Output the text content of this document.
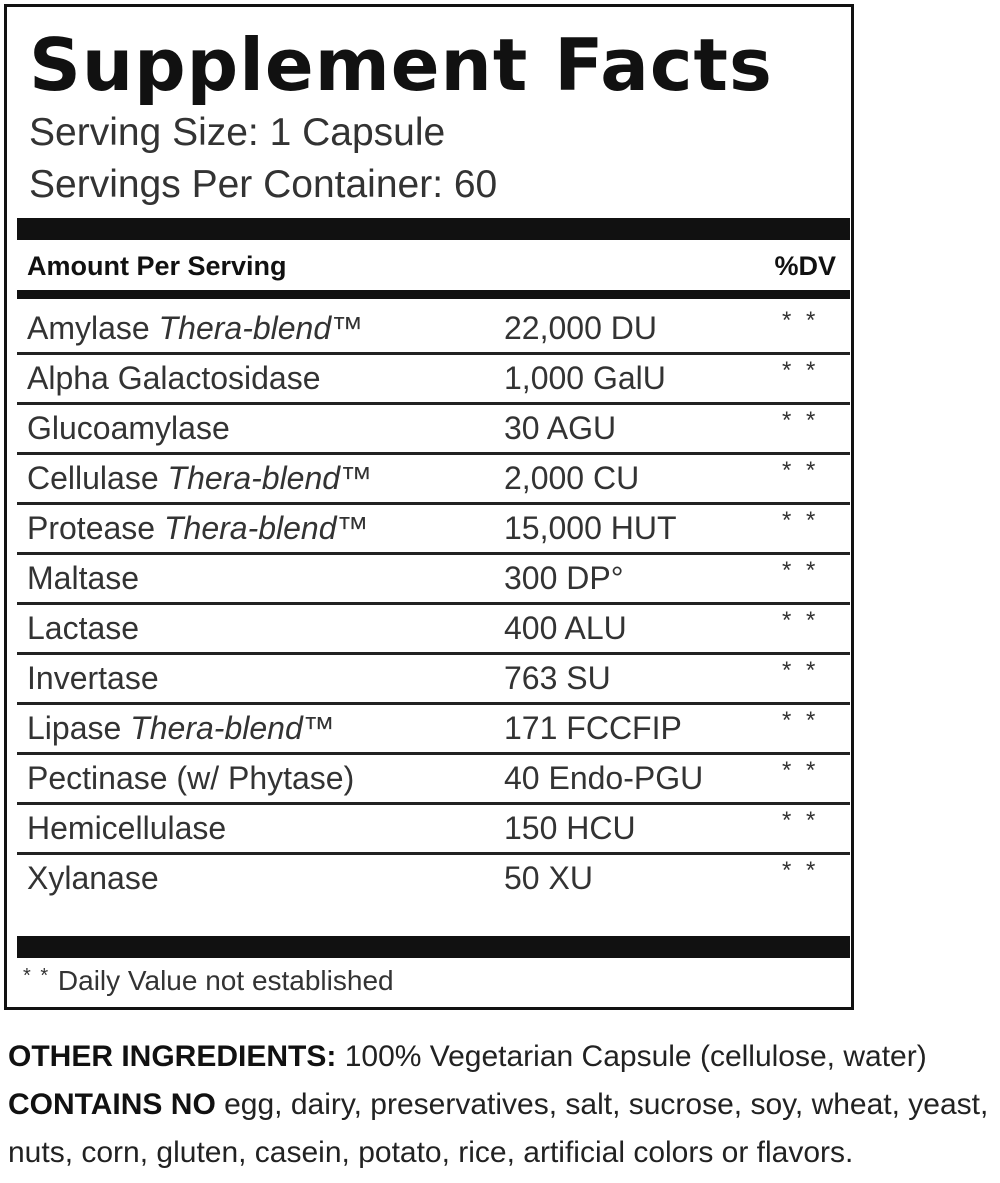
Supplement Facts
Serving Size: 1 Capsule
Servings Per Container: 60
Amount Per Serving	%DV
Amylase Thera-blend™	22,000 DU	* *
Alpha Galactosidase	1,000 GalU	* *
Glucoamylase	30 AGU	* *
Cellulase Thera-blend™	2,000 CU	* *
Protease Thera-blend™	15,000 HUT	* *
Maltase	300 DP°	* *
Lactase	400 ALU	* *
Invertase	763 SU	* *
Lipase Thera-blend™	171 FCCFIP	* *
Pectinase (w/ Phytase)	40 Endo-PGU	* *
Hemicellulase	150 HCU	* *
Xylanase	50 XU	* *
* * Daily Value not established
OTHER INGREDIENTS: 100% Vegetarian Capsule (cellulose, water)
CONTAINS NO egg, dairy, preservatives, salt, sucrose, soy, wheat, yeast, nuts, corn, gluten, casein, potato, rice, artificial colors or flavors.
